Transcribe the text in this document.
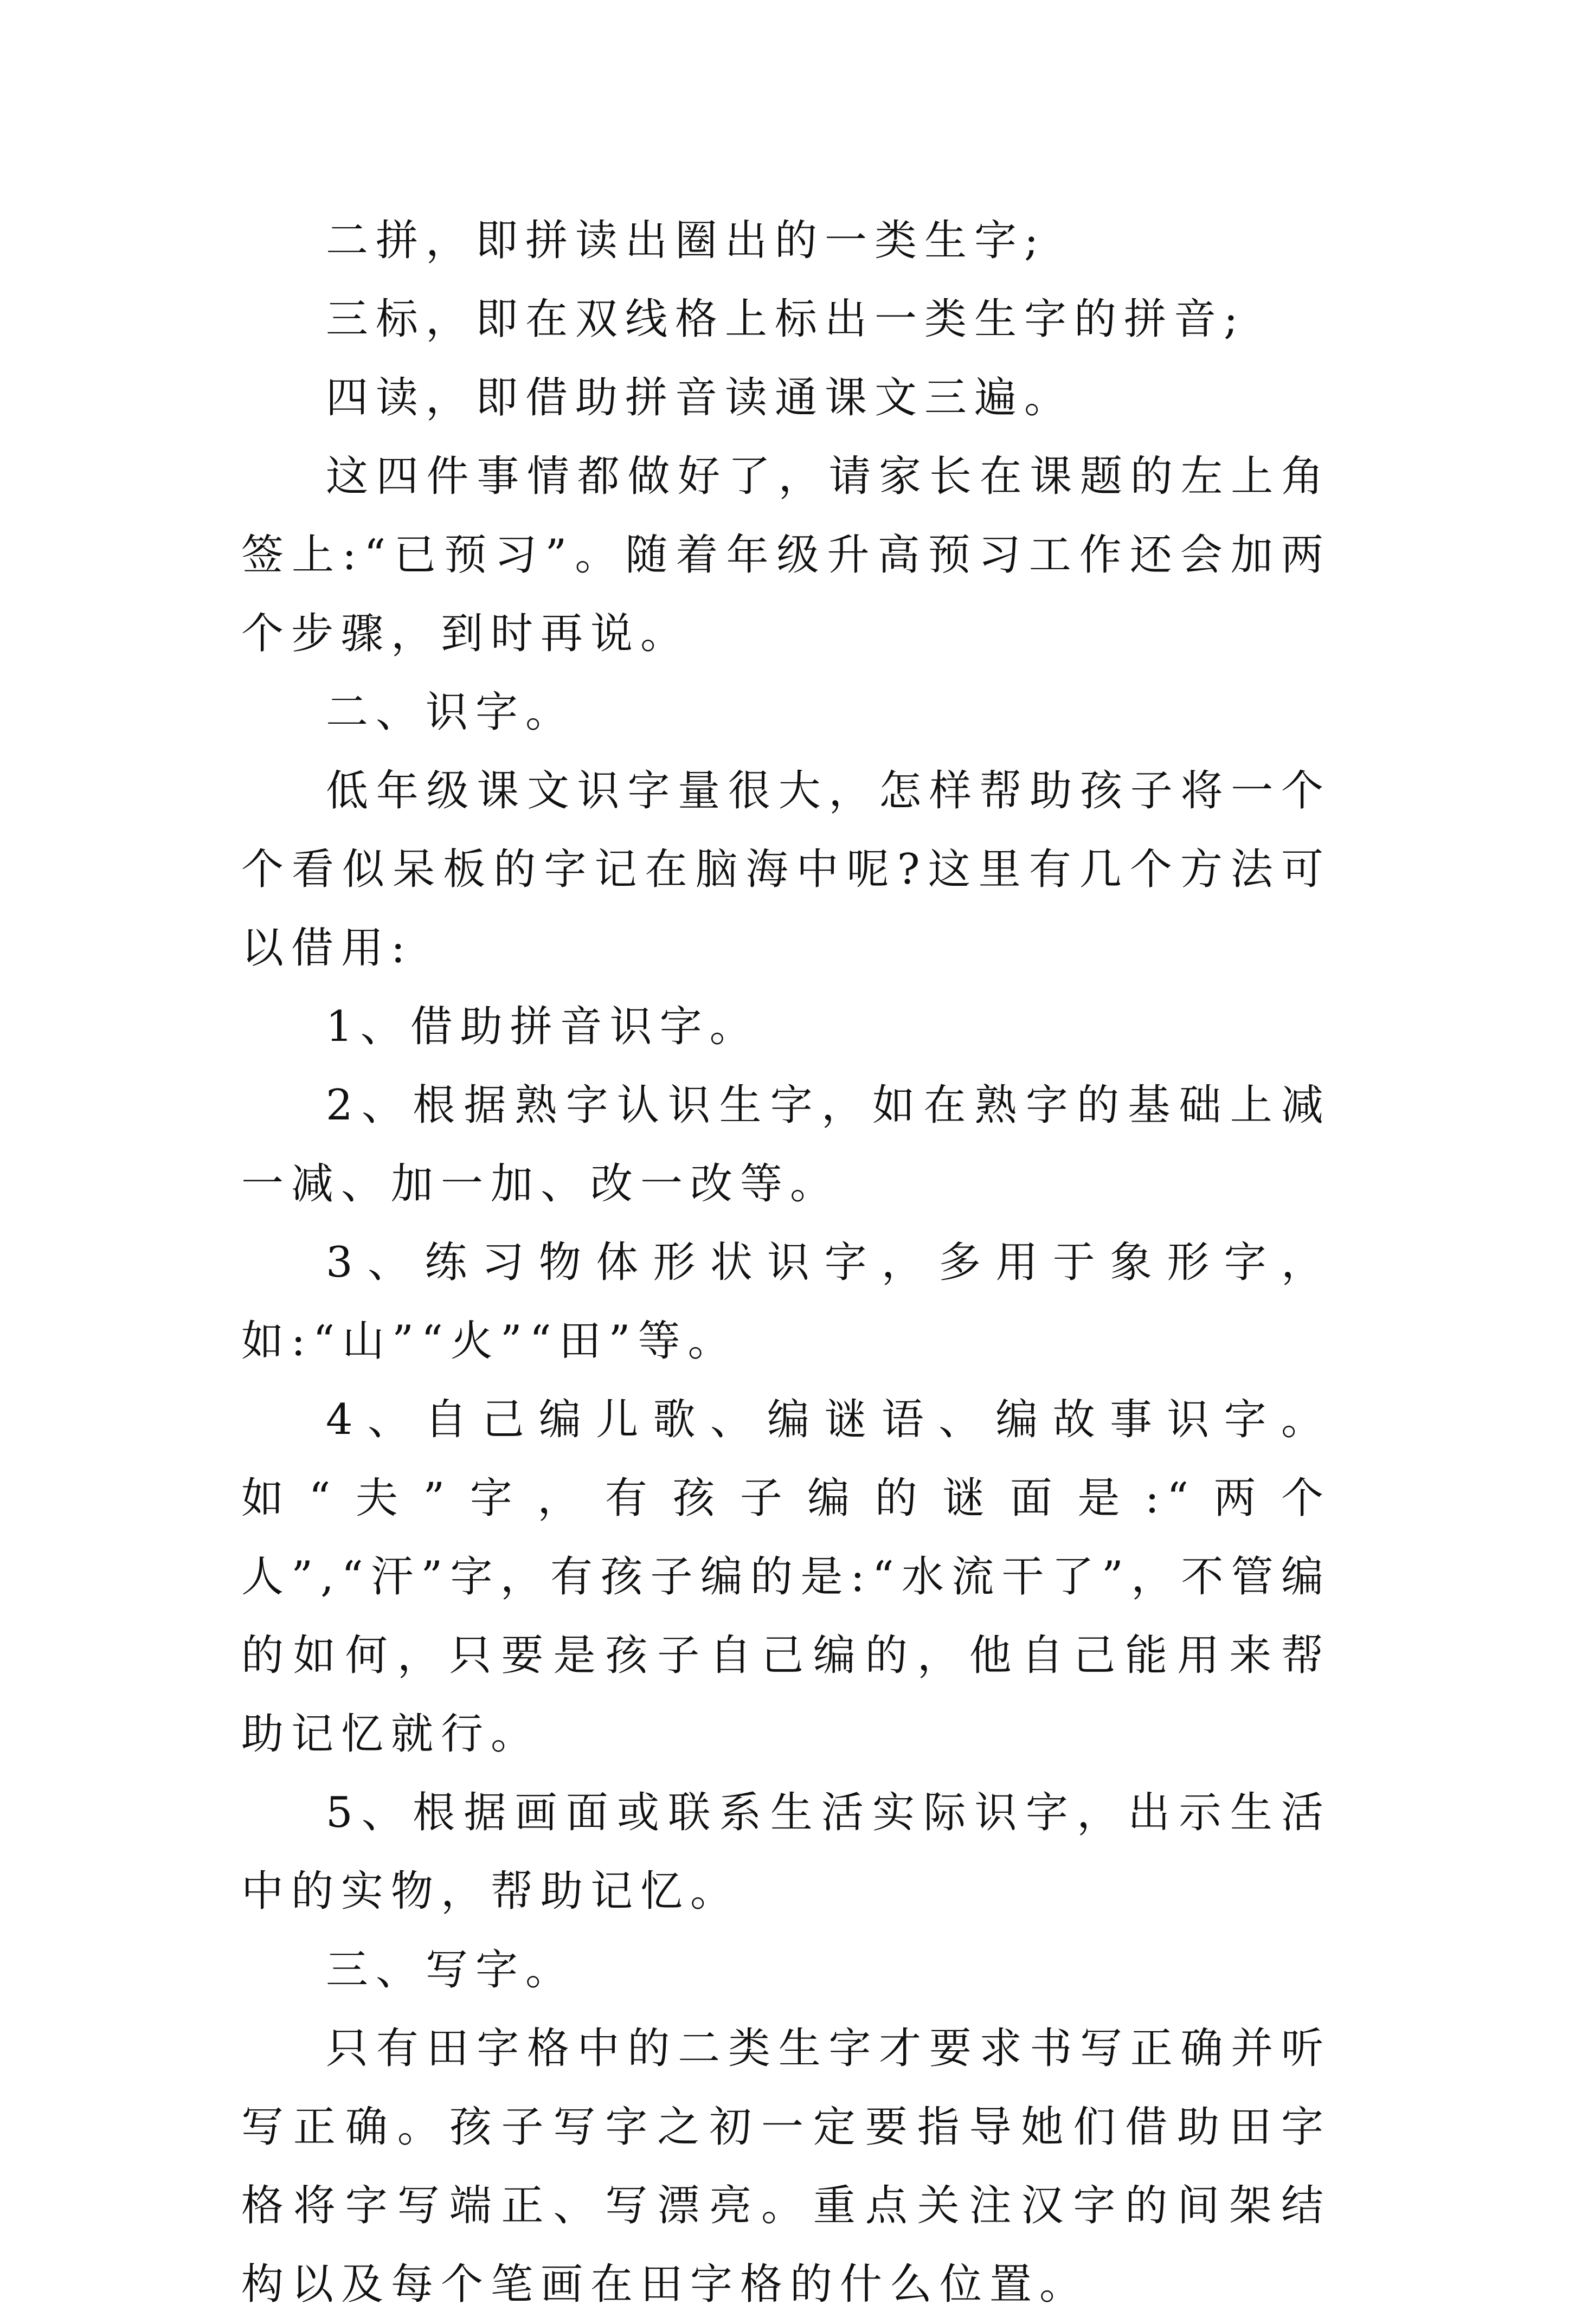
二拼，即拼读出圈出的一类生字;

三标，即在双线格上标出一类生字的拼音;

四读，即借助拼音读通课文三遍。

这四件事情都做好了，请家长在课题的左上角签上:“已预习”。随着年级升高预习工作还会加两个步骤，到时再说。

二、识字。

低年级课文识字量很大，怎样帮助孩子将一个个看似呆板的字记在脑海中呢?这里有几个方法可以借用:

1、借助拼音识字。

2、根据熟字认识生字，如在熟字的基础上减一减、加一加、改一改等。

3、练习物体形状识字，多用于象形字，如:“山”“火”“田”等。

4、自己编儿歌、编谜语、编故事识字。如“夫”字，有孩子编的谜面是:“两个人”,“汗”字，有孩子编的是:“水流干了”，不管编的如何，只要是孩子自己编的，他自己能用来帮助记忆就行。

5、根据画面或联系生活实际识字，出示生活中的实物，帮助记忆。

三、写字。

只有田字格中的二类生字才要求书写正确并听写正确。孩子写字之初一定要指导她们借助田字格将字写端正、写漂亮。重点关注汉字的间架结构以及每个笔画在田字格的什么位置。
